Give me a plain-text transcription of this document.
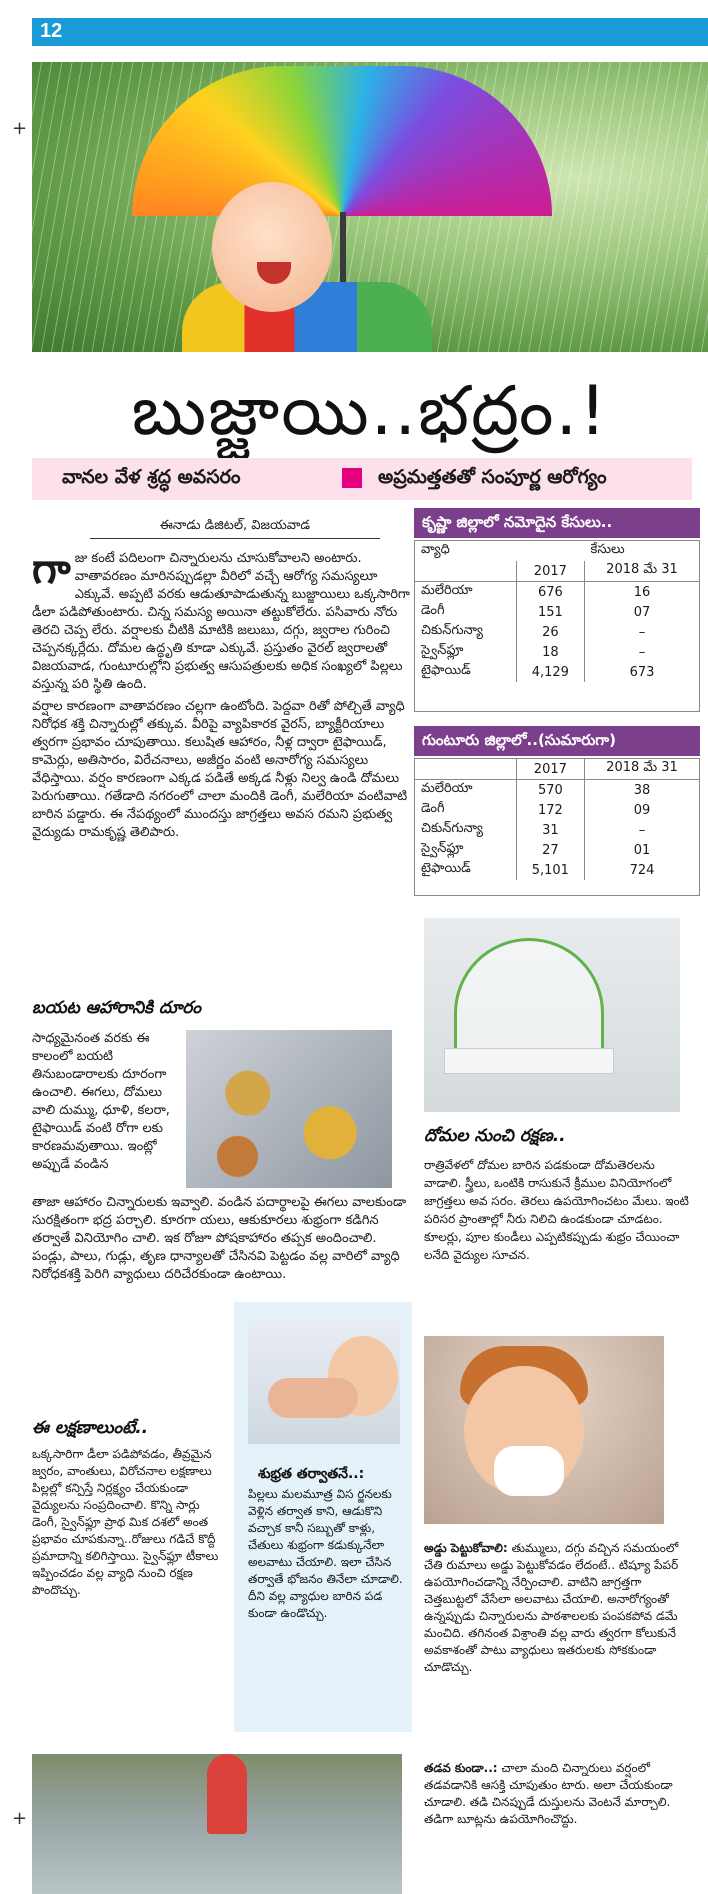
12
+
+
బుజ్జాయి..భద్రం.!
వానల వేళ శ్రద్ధ అవసరం	అప్రమత్తతతో సంపూర్ణ ఆరోగ్యం
ఈనాడు డిజిటల్, విజయవాడ
గా జు కంటే పదిలంగా చిన్నారులను చూసుకోవాలని అంటారు. వాతావరణం మారినప్పుడల్లా వీరిలో వచ్చే ఆరోగ్య సమస్యలూ ఎక్కువే. అప్పటి వరకు ఆడుతూపాడుతున్న బుజ్జాయిలు ఒక్కసారిగా డీలా పడిపోతుంటారు. చిన్న సమస్య అయినా తట్టుకోలేరు. పసివారు నోరు తెరచి చెప్ప లేరు. వర్షాలకు చీటికి మాటికి జలుబు, దగ్గు, జ్వరాల గురించి చెప్పనక్కర్లేదు. దోమల ఉద్ధృతి కూడా ఎక్కువే. ప్రస్తుతం వైరల్ జ్వరాలతో విజయవాడ, గుంటూరుల్లోని ప్రభుత్వ ఆసుపత్రులకు అధిక సంఖ్యలో పిల్లలు వస్తున్న పరి స్థితి ఉంది.
వర్షాల కారణంగా వాతావరణం చల్లగా ఉంటోంది. పెద్దవా రితో పోల్చితే వ్యాధి నిరోధక శక్తి చిన్నారుల్లో తక్కువ. వీరిపై వ్యాపికారక వైరస్, బ్యాక్టీరియాలు త్వరగా ప్రభావం చూపుతాయి. కలుషిత ఆహారం, నీళ్ల ద్వారా టైఫాయిడ్, కామెర్లు, అతిసారం, విరేచనాలు, అజీర్ణం వంటి అనారోగ్య సమస్యలు వేధిస్తాయి. వర్షం కారణంగా ఎక్కడ పడితే అక్కడ నీళ్లు నిల్వ ఉండి దోమలు పెరుగుతాయి. గతేడాది నగరంలో చాలా మందికి డెంగీ, మలేరియా వంటివాటి బారిన పడ్డారు. ఈ నేపథ్యంలో ముందస్తు జాగ్రత్తలు అవస రమని ప్రభుత్వ వైద్యుడు రామకృష్ణ తెలిపారు.
బయట ఆహారానికి దూరం
సాధ్యమైనంత వరకు ఈ కాలంలో బయటి తినుబండారాలకు దూరంగా ఉంచాలి. ఈగలు, దోమలు వాలి దుమ్ము, ధూళి, కలరా, టైఫాయిడ్ వంటి రోగా లకు కారణమవుతాయి. ఇంట్లో అప్పుడే వండిన
తాజా ఆహారం చిన్నారులకు ఇవ్వాలి. వండిన పదార్థాలపై ఈగలు వాలకుండా సురక్షితంగా భద్ర పర్చాలి. కూరగా యలు, ఆకుకూరలు శుభ్రంగా కడిగిన తర్వాతే వినియోగిం చాలి. ఇక రోజూ పోషకాహారం తప్పక అందించాలి. పండ్లు, పాలు, గుడ్లు, తృణ ధాన్యాలతో చేసినవి పెట్టడం వల్ల వారిలో వ్యాధి నిరోధకశక్తి పెరిగి వ్యాధులు దరిచేరకుండా ఉంటాయి.
శుభ్రత తర్వాతనే..:
పిల్లలు మలమూత్ర విస ర్జనలకు వెళ్లిన తర్వాత కాని, ఆడుకొని వచ్చాక కానీ సబ్బుతో కాళ్లు, చేతులు శుభ్రంగా కడుక్కునేలా అలవాటు చేయాలి. ఇలా చేసిన తర్వాతే భోజనం తినేలా చూడాలి. దీని వల్ల వ్యాధుల బారిన పడ కుండా ఉండొచ్చు.
ఈ లక్షణాలుంటే..
ఒక్కసారిగా డీలా పడిపోవడం, తీవ్రమైన జ్వరం, వాంతులు, విరోచనాల లక్షణాలు పిల్లల్లో కన్పిస్తే నిర్లక్ష్యం చేయకుండా వైద్యులను సంప్రదించాలి. కొన్ని సార్లు డెంగీ, స్వైన్‌ఫ్లూ ప్రాథ మిక దశలో అంత ప్రభావం చూపకున్నా..రోజులు గడిచే కొద్దీ ప్రమాదాన్ని కలిగిస్తాయి. స్వైన్‌ఫ్లూ టీకాలు ఇప్పించడం వల్ల వ్యాధి నుంచి రక్షణ పొందొచ్చు.
కృష్ణా జిల్లాలో నమోదైన కేసులు..
వ్యాధి	కేసులు	
	2017	2018 మే 31
మలేరియా	676	16
డెంగీ	151	07
చికున్‌గున్యా	26	–
స్వైన్‌ఫ్లూ	18	–
టైఫాయిడ్	4,129	673
గుంటూరు జిల్లాలో..(సుమారుగా)
	2017	2018 మే 31
మలేరియా	570	38
డెంగీ	172	09
చికున్‌గున్యా	31	–
స్వైన్‌ఫ్లూ	27	01
టైఫాయిడ్	5,101	724
దోమల నుంచి రక్షణ..
రాత్రివేళలో దోమల బారిన పడకుండా దోమతెరలను వాడాలి. స్త్రీలు, ఒంటికి రాసుకునే క్రీముల వినియోగంలో జాగ్రత్తలు అవ సరం. తెరలు ఉపయోగించటం మేలు. ఇంటి పరిసర ప్రాంతాల్లో నీరు నిలిచి ఉండకుండా చూడటం. కూలర్లు, పూల కుండీలు ఎప్పటికప్పుడు శుభ్రం చేయించా లనేది వైద్యుల సూచన.
అడ్డు పెట్టుకోవాలి: తుమ్ములు, దగ్గు వచ్చిన సమయంలో చేతి రుమాలు అడ్డు పెట్టుకోవడం లేదంటే.. టిష్యూ పేపర్ ఉపయోగించడాన్ని నేర్పించాలి. వాటిని జాగ్రత్తగా చెత్తబుట్టలో వేసేలా అలవాటు చేయాలి. అనారోగ్యంతో ఉన్నప్పుడు చిన్నారులను పాఠశాలలకు పంపకపోవ డమే మంచిది. తగినంత విశ్రాంతి వల్ల వారు త్వరగా కోలుకునే అవకాశంతో పాటు వ్యాధులు ఇతరులకు సోకకుండా చూడొచ్చు.
తడవ కుండా..: చాలా మంది చిన్నారులు వర్షంలో తడవడానికి ఆసక్తి చూపుతుం టారు. అలా చేయకుండా చూడాలి. తడి చినప్పుడే దుస్తులను వెంటనే మార్చాలి. తడిగా బూట్లను ఉపయోగించొద్దు.
